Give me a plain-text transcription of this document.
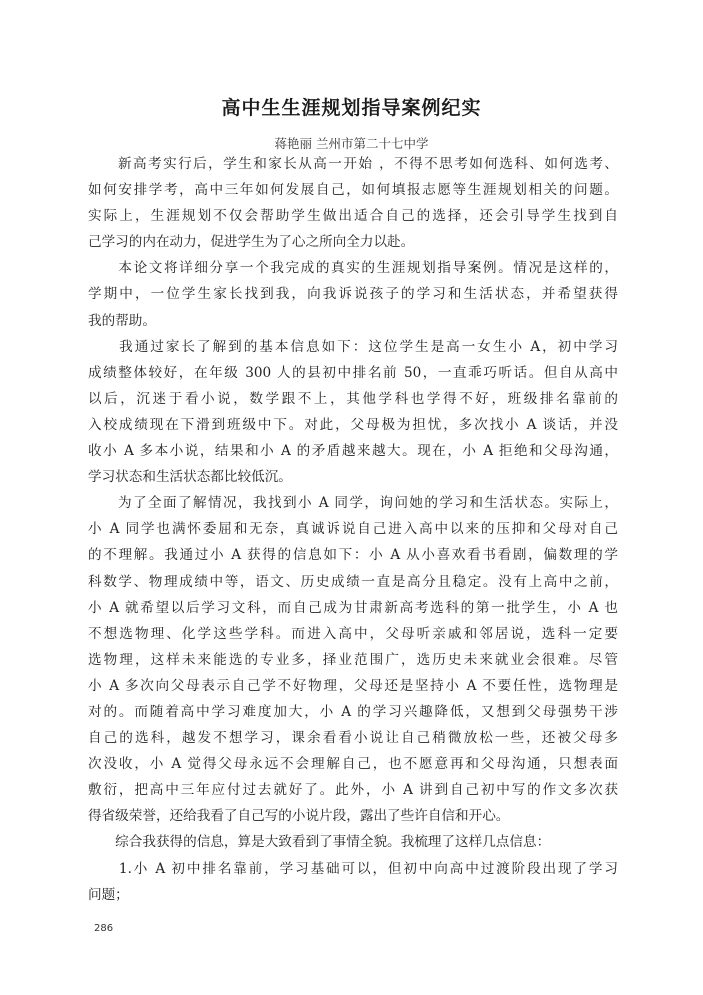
高中生生涯规划指导案例纪实
蒋艳丽 兰州市第二十七中学
　　新高考实行后，学生和家长从高一开始 ，不得不思考如何选科、如何选考、
如何安排学考，高中三年如何发展自己，如何填报志愿等生涯规划相关的问题。
实际上，生涯规划不仅会帮助学生做出适合自己的选择，还会引导学生找到自
己学习的内在动力，促进学生为了心之所向全力以赴。
　　本论文将详细分享一个我完成的真实的生涯规划指导案例。情况是这样的，
学期中，一位学生家长找到我，向我诉说孩子的学习和生活状态，并希望获得
我的帮助。
　　我通过家长了解到的基本信息如下：这位学生是高一女生小 A，初中学习
成绩整体较好，在年级 300 人的县初中排名前 50，一直乖巧听话。但自从高中
以后，沉迷于看小说，数学跟不上，其他学科也学得不好，班级排名靠前的
入校成绩现在下滑到班级中下。对此，父母极为担忧，多次找小 A 谈话，并没
收小 A 多本小说，结果和小 A 的矛盾越来越大。现在，小 A 拒绝和父母沟通，
学习状态和生活状态都比较低沉。
　　为了全面了解情况，我找到小 A 同学，询问她的学习和生活状态。实际上，
小 A 同学也满怀委屈和无奈，真诚诉说自己进入高中以来的压抑和父母对自己
的不理解。我通过小 A 获得的信息如下：小 A 从小喜欢看书看剧，偏数理的学
科数学、物理成绩中等，语文、历史成绩一直是高分且稳定。没有上高中之前，
小 A 就希望以后学习文科，而自己成为甘肃新高考选科的第一批学生，小 A 也
不想选物理、化学这些学科。而进入高中，父母听亲戚和邻居说，选科一定要
选物理，这样未来能选的专业多，择业范围广，选历史未来就业会很难。尽管
小 A 多次向父母表示自己学不好物理，父母还是坚持小 A 不要任性，选物理是
对的。而随着高中学习难度加大，小 A 的学习兴趣降低，又想到父母强势干涉
自己的选科，越发不想学习，课余看看小说让自己稍微放松一些，还被父母多
次没收，小 A 觉得父母永远不会理解自己，也不愿意再和父母沟通，只想表面
敷衍，把高中三年应付过去就好了。此外，小 A 讲到自己初中写的作文多次获
得省级荣誉，还给我看了自己写的小说片段，露出了些许自信和开心。
　　综合我获得的信息，算是大致看到了事情全貌。我梳理了这样几点信息：
　　1.小 A 初中排名靠前，学习基础可以，但初中向高中过渡阶段出现了学习
问题；
286
